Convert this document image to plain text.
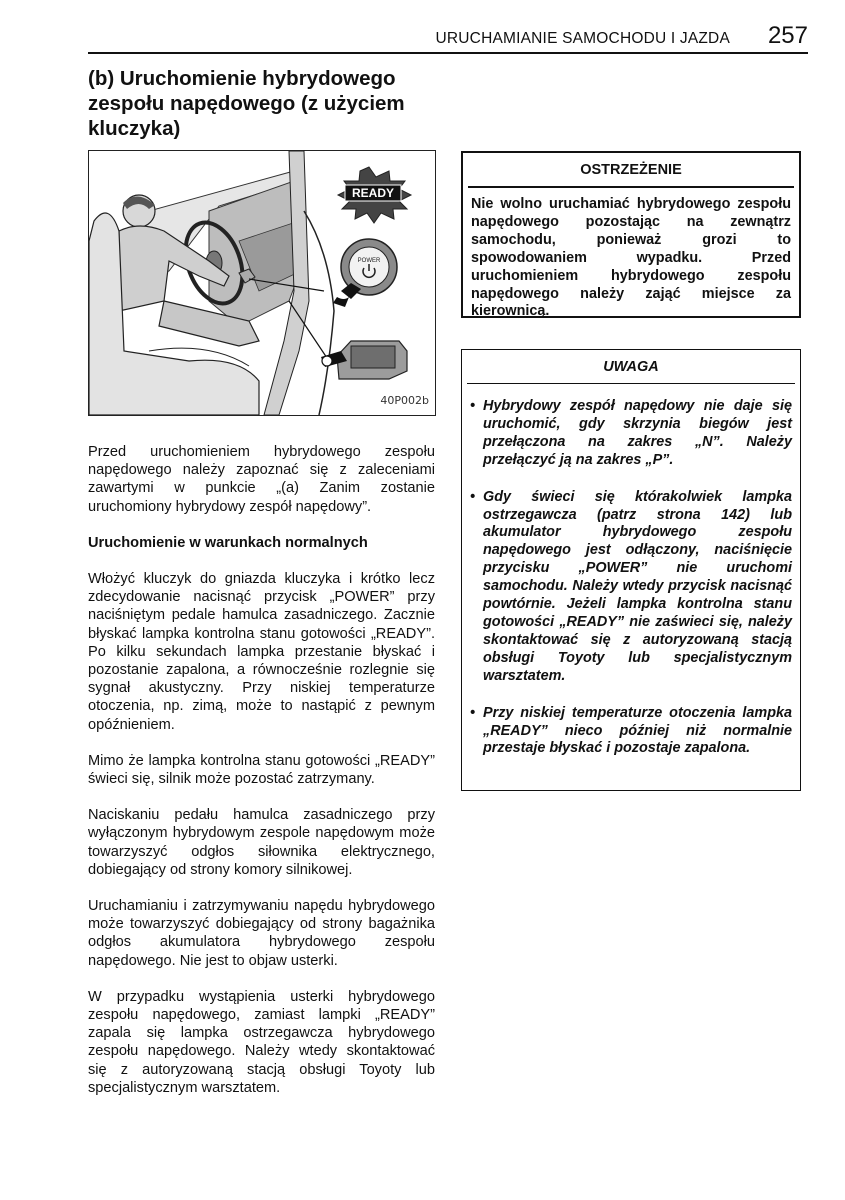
URUCHAMIANIE SAMOCHODU I JAZDA 257
(b) Uruchomienie hybrydowego zespołu napędowego (z użyciem kluczyka)
READY
POWER
40P002b

Przed uruchomieniem hybrydowego zespołu napędowego należy zapoznać się z zaleceniami zawartymi w punkcie „(a) Zanim zostanie uruchomiony hybrydowy zespół napędowy”.

Uruchomienie w warunkach normalnych

Włożyć kluczyk do gniazda kluczyka i krótko lecz zdecydowanie nacisnąć przycisk „POWER” przy naciśniętym pedale hamulca zasadniczego. Zacznie błyskać lampka kontrolna stanu gotowości „READY”. Po kilku sekundach lampka przestanie błyskać i pozostanie zapalona, a równocześnie rozlegnie się sygnał akustyczny. Przy niskiej temperaturze otoczenia, np. zimą, może to nastąpić z pewnym opóźnieniem.

Mimo że lampka kontrolna stanu gotowości „READY” świeci się, silnik może pozostać zatrzymany.

Naciskaniu pedału hamulca zasadniczego przy wyłączonym hybrydowym zespole napędowym może towarzyszyć odgłos siłownika elektrycznego, dobiegający od strony komory silnikowej.

Uruchamianiu i zatrzymywaniu napędu hybrydowego może towarzyszyć dobiegający od strony bagażnika odgłos akumulatora hybrydowego zespołu napędowego. Nie jest to objaw usterki.

W przypadku wystąpienia usterki hybrydowego zespołu napędowego, zamiast lampki „READY” zapala się lampka ostrzegawcza hybrydowego zespołu napędowego. Należy wtedy skontaktować się z autoryzowaną stacją obsługi Toyoty lub specjalistycznym warsztatem.

OSTRZEŻENIE
Nie wolno uruchamiać hybrydowego zespołu napędowego pozostając na zewnątrz samochodu, ponieważ grozi to spowodowaniem wypadku. Przed uruchomieniem hybrydowego zespołu napędowego należy zająć miejsce za kierownicą.
UWAGA
• Hybrydowy zespół napędowy nie daje się uruchomić, gdy skrzynia biegów jest przełączona na zakres „N”. Należy przełączyć ją na zakres „P”.
• Gdy świeci się którakolwiek lampka ostrzegawcza (patrz strona 142) lub akumulator hybrydowego zespołu napędowego jest odłączony, naciśnięcie przycisku „POWER” nie uruchomi samochodu. Należy wtedy przycisk nacisnąć powtórnie. Jeżeli lampka kontrolna stanu gotowości „READY” nie zaświeci się, należy skontaktować się z autoryzowaną stacją obsługi Toyoty lub specjalistycznym warsztatem.
• Przy niskiej temperaturze otoczenia lampka „READY” nieco później niż normalnie przestaje błyskać i pozostaje zapalona.
